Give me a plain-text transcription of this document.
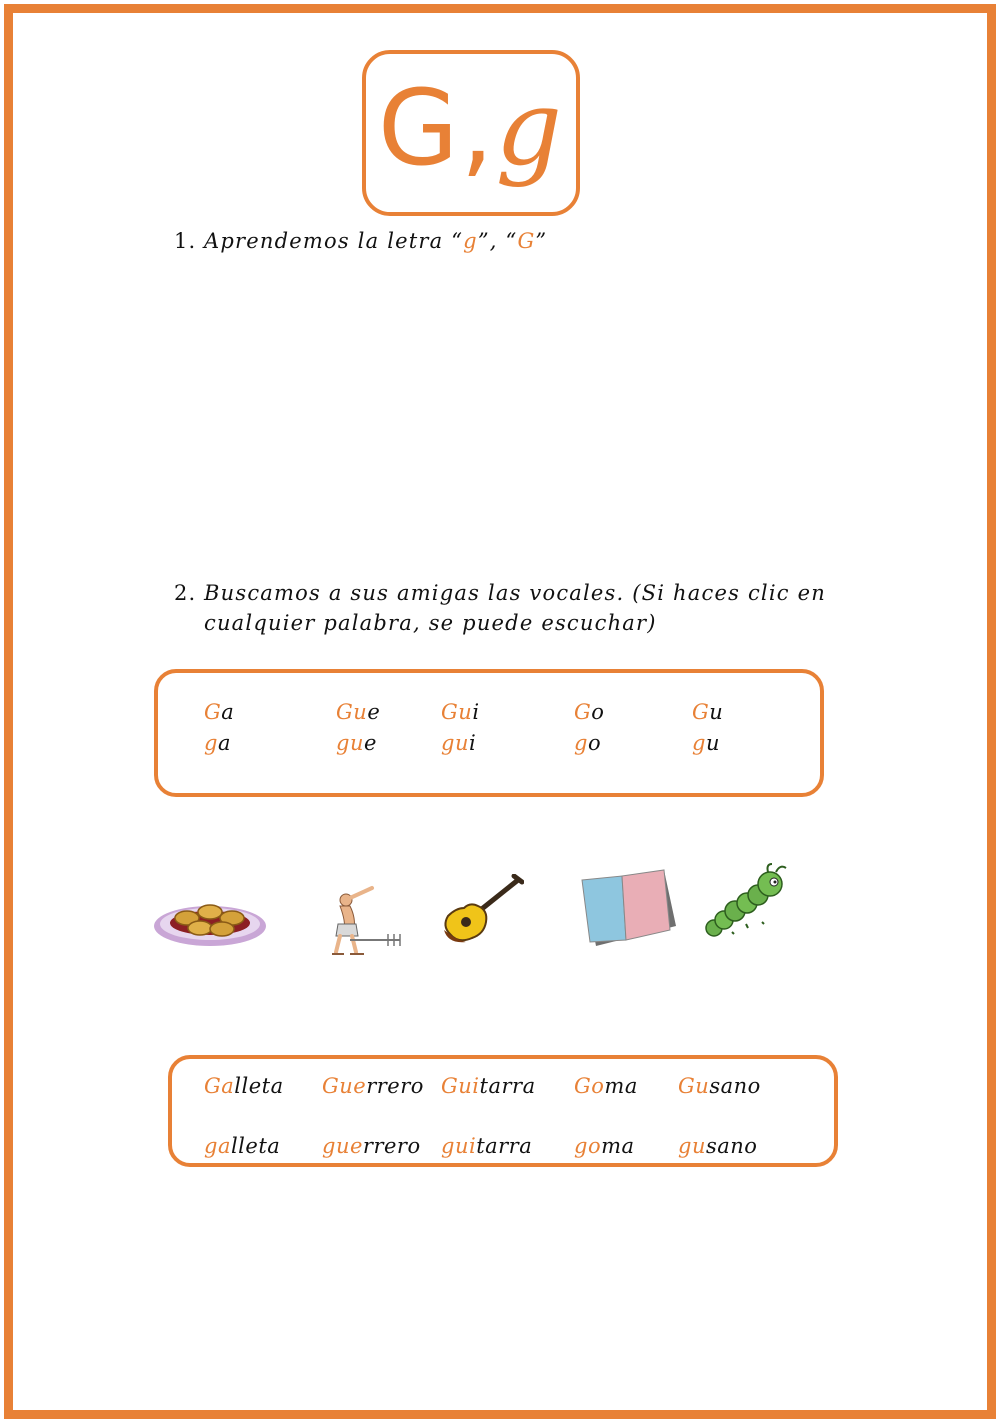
G,g
1. Aprendemos la letra “g”, “G”
2. Buscamos a sus amigas las vocales. (Si haces clic en
cualquier palabra, se puede escuchar)
Ga	Gue	Gui	Go	Gu
ga	gue	gui	go	gu
Galleta Guerrero Guitarra Goma Gusano
galleta guerrero guitarra goma gusano
